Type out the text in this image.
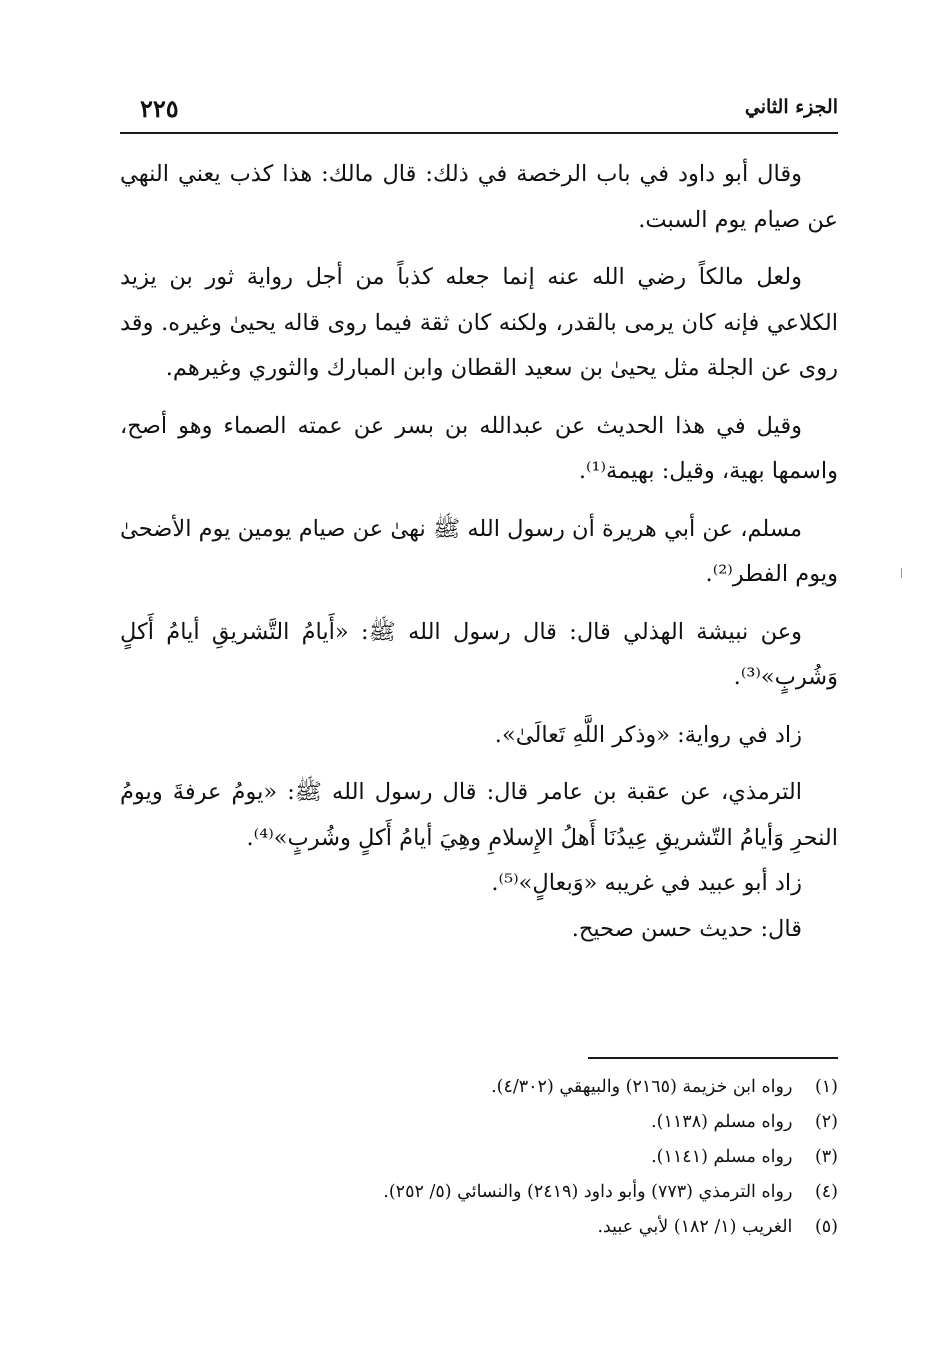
٢٢٥	الجزء الثاني

وقال أبو داود في باب الرخصة في ذلك: قال مالك: هذا كذب يعني النهي عن صيام يوم السبت.

ولعل مالكاً رضي الله عنه إنما جعله كذباً من أجل رواية ثور بن يزيد الكلاعي فإنه كان يرمى بالقدر، ولكنه كان ثقة فيما روى قاله يحيىٰ وغيره. وقد روى عن الجلة مثل يحيىٰ بن سعيد القطان وابن المبارك والثوري وغيرهم.

وقيل في هذا الحديث عن عبدالله بن بسر عن عمته الصماء وهو أصح، واسمها بهية، وقيل: بهيمة⁽¹⁾.

مسلم، عن أبي هريرة أن رسول الله ﷺ نهىٰ عن صيام يومين يوم الأضحىٰ ويوم الفطر⁽²⁾.

وعن نبيشة الهذلي قال: قال رسول الله ﷺ: «أَيامُ التَّشريقِ أيامُ أَكلٍ وَشُربٍ»⁽³⁾.

زاد في رواية: «وذكر اللَّهِ تَعالَىٰ».

الترمذي، عن عقبة بن عامر قال: قال رسول الله ﷺ: «يومُ عرفةَ ويومُ النحرِ وَأيامُ التّشريقِ عِيدُنَا أَهلُ الإِسلامِ وهِيَ أيامُ أَكلٍ وشُربٍ»⁽⁴⁾.

زاد أبو عبيد في غريبه «وَبعالٍ»⁽⁵⁾.

قال: حديث حسن صحيح.

(١) رواه ابن خزيمة (٢١٦٥) والبيهقي (٤/٣٠٢).

(٢) رواه مسلم (١١٣٨).

(٣) رواه مسلم (١١٤١).

(٤) رواه الترمذي (٧٧٣) وأبو داود (٢٤١٩) والنسائي (٥/ ٢٥٢).

(٥) الغريب (١/ ١٨٢) لأبي عبيد.
